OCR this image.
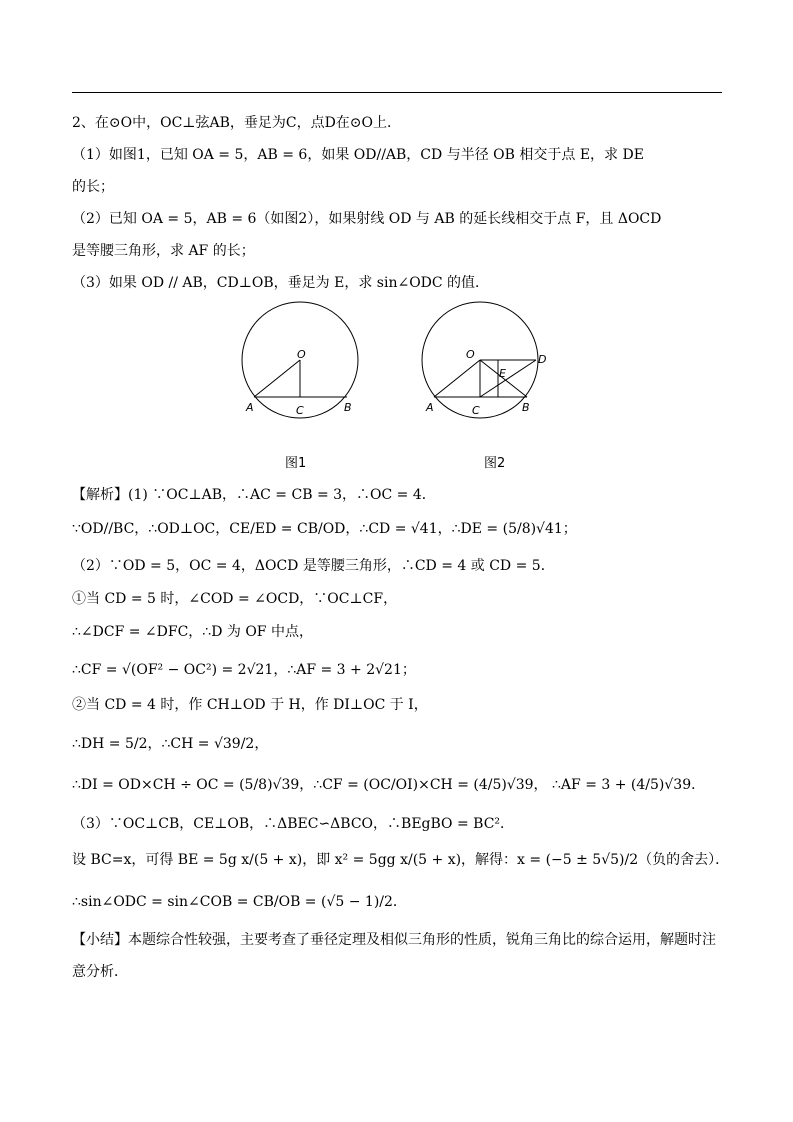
2、在⊙O中，OC⊥弦AB，垂足为C，点D在⊙O上．
（1）如图1，已知 OA = 5，AB = 6，如果 OD//AB，CD 与半径 OB 相交于点 E，求 DE
的长；
（2）已知 OA = 5，AB = 6（如图2），如果射线 OD 与 AB 的延长线相交于点 F，且 ΔOCD
是等腰三角形，求 AF 的长；
（3）如果 OD // AB，CD⊥OB，垂足为 E，求 sin∠ODC 的值．
O
A	C	B
O	D
E
A	C	B
图1	图2
【解析】(1) ∵OC⊥AB，∴AC = CB = 3，∴OC = 4．
∵OD//BC，∴OD⊥OC，CE/ED = CB/OD，∴CD = √41，∴DE = (5/8)√41；
（2）∵OD = 5，OC = 4，ΔOCD 是等腰三角形，∴CD = 4 或 CD = 5．
①当 CD = 5 时，∠COD = ∠OCD，∵OC⊥CF，
∴∠DCF = ∠DFC，∴D 为 OF 中点，
∴CF = √(OF² − OC²) = 2√21，∴AF = 3 + 2√21；
②当 CD = 4 时，作 CH⊥OD 于 H，作 DI⊥OC 于 I，
∴DH = 5/2，∴CH = √39/2，
∴DI = OD×CH ÷ OC = (5/8)√39，∴CF = (OC/OI)×CH = (4/5)√39， ∴AF = 3 + (4/5)√39．
（3）∵OC⊥CB，CE⊥OB，∴ΔBEC∽ΔBCO，∴BEgBO = BC²．
设 BC=x，可得 BE = 5g x/(5 + x)，即 x² = 5gg x/(5 + x)，解得：x = (−5 ± 5√5)/2（负的舍去）．
∴sin∠ODC = sin∠COB = CB/OB = (√5 − 1)/2．
【小结】本题综合性较强，主要考查了垂径定理及相似三角形的性质，锐角三角比的综合运用，解题时注
意分析．
